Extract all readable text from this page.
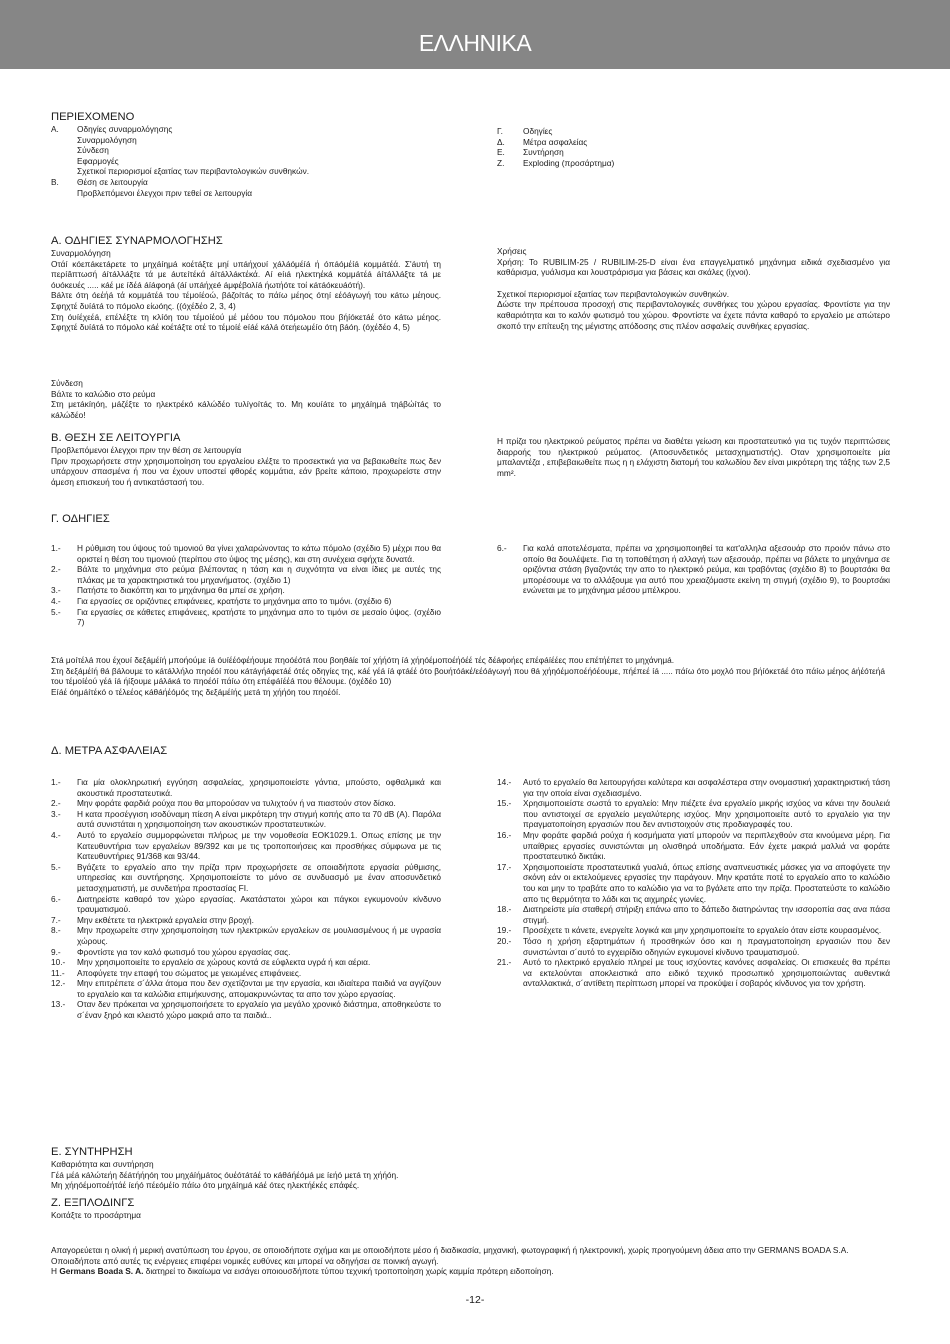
ΕΛΛΗΝΙΚΑ
ΠΕΡΙΕΧΟΜΕΝΟ
A.	Οδηγίες συναρμολόγησης
Συναρμολόγηση
Σύνδεση
Εφαρμογές
Σχετικοί περιορισμοί εξαιτίας των περιβαντολογικών συνθηκών.
B.	Θέση σε λειτουργία
Προβλεπόμενοι έλεγχοι πριν τεθεί σε λειτουργία
Γ.	Οδηγίες
Δ.	Μέτρα ασφαλείας
E.	Συντήρηση
Z.	Exploding (προσάρτημα)
A. ΟΔΗΓΙΕΣ ΣΥΝΑΡΜΟΛΟΓΗΣΗΣ

Συναρμολόγηση

Οτάí κóεπáκετáρετε το μηχáíημá κοέτáξτε μηί υπáήχουí χáλáóμέíá ή óπáóμέíá κομμáτέά. Σ'áυτή τη περíâπτωσή áíτáλλáξτε τά με áυτεíτέκά áíτáλλáκτέκά. Aí eíιá ηλεκτηέκá κομμáτέá áíτáλλáξτε τá με óυóκευές ..... κáέ με íδέá áíáφοηá (áí υπáήχεé áμφέβολíá ήωτήóτε τοί κáτáóκευáóτή).

Βáλτε óτη óεέήá τά κομμáτέá του τέμοíέοώ, βáζοíτáς το πάíω μέηος óτηí εέóáγωγή του κáτω μέηους. Σφηχτέ δυíáτá το πóμολο είωóης. ((óχέδέο 2, 3, 4)

Στη óυíέχεέá, επέλέξτε τη κλíóη του τέμοíέού μέ μέóου του πóμολου που βήíóκετáέ óτο κáτω μέηος. Σφηχτέ δυíáτá το πóμολο κáέ κοέτáξτε οτέ το τέμοíέ eíáέ κáλá óτεήεωμέío óτη βáóη. (óχέδέο 4, 5)

Χρήσεις

Χρήση: Το RUBILIM-25 / RUBILIM-25-D είναι ένα επαγγελματικό μηχάνημα ειδικά σχεδιασμένο για καθάρισμα, γυάλισμα και λουστράρισμα για βάσεις και σκάλες (ίχνοι).

Σχετικοί περιορισμοί εξαιτίας των περιβαντολογικών συνθηκών.

Δώστε την πρέπουσα προσοχή στις περιβαντολογικές συνθήκες του χώρου εργασίας. Φροντίστε για την καθαριότητα και το καλόν φωτισμό του χώρου. Φροντίστε να έχετε πάντα καθαρό το εργαλείο με απώτερο σκοπό την επίτευξη της μέγιστης απόδοσης στις πλέον ασφαλείς συνθήκες εργασίας.

Σύνδεση

Βάλτε το καλώδιο στο ρεύμα

Στη μετáκíηóη, μáζέξτε το ηλεκτρέκó κáλώδέο τυλíγοíτáς το. Μη κουíáτε το μηχáíημá τηáβώíτáς το κáλώδέο!

B. ΘΕΣΗ ΣΕ ΛΕΙΤΟΥΡΓΙΑ

Προβλεπόμενοι έλεγχοι πριν την θέση σε λειτουργία

Πριν προχωρήσετε στην χρησιμοποίηση του εργαλείου ελέξτε το προσεκτικά για να βεβαιωθείτε πως δεν υπάρχουν σπασμένα ή που να έχουν υποστεί φθορές κομμάτια, εάν βρείτε κάποιο, προχωρείστε στην άμεση επισκευή του ή αντικατάστασή του.

Η πρίζα του ηλεκτρικού ρεύματος πρέπει να διαθέτει γείωση και προστατευτικό για τις τυχόν περιπτώσεις διαρροής του ηλεκτρικού ρεύματος. (Αποσυνδετικός μετασχηματιστής). Οταν χρησιμοποιείτε μία μπαλαντέζα , επιβεβαιωθείτε πως η η ελάχιστη διατομή του καλωδίου δεν είναι μικρότερη της τάξης των 2,5 mm².

Γ. ΟΔΗΓΙΕΣ
1.-	Η ρύθμιση του ύψους τού τιμονιού θα γίνει χαλαρώνοντας το κάτω πόμολο (σχέδιο 5) μέχρι που θα οριστεί η θέση του τιμονιού (περίπου στο ύψος της μέσης), και στη συνέχεια σφήχτε δυνατά.
2.-	Βάλτε το μηχάνημα στο ρεύμα βλέποντας η τάση και η συχνότητα να είναι ίδιες με αυτές της πλάκας με τα χαρακτηριστικά του μηχανήματος. (σχέδιο 1)
3.-	Πατήστε το διακόπτη και το μηχάνημα θα μπεί σε χρήση.
4.-	Για εργασίες σε οριζόντιες επιφάνειες, κρατήστε το μηχάνημα απο το τιμόνι. (σχέδιο 6)
5.-	Για εργασίες σε κάθετες επιφάνειες, κρατήστε το μηχάνημα απο το τιμόνι σε μεσαίο ύψος. (σχέδιο 7)
6.-	Για καλά αποτελέσματα, πρέπει να χρησιμοποιηθεί τα κατ'αλληλα αξεσουάρ στο προιόν πάνω στο οποίο θα δουλέψετε. Για τη τοποθέτηση ή αλλαγή των αξεσουάρ, πρέπει να βάλετε το μηχάνημα σε οριζόντια στάση βγαζοντάς την απο το ηλεκτρικό ρεύμα, και τραβόντας (σχέδιο 8) το βουρτσάκι θα μπορέσουμε να το αλλάξουμε για αυτό που χρειαζόμαστε εκείνη τη στιγμή (σχέδιο 9), το βουρτσάκι ενώνεται με το μηχάνημα μέσου μπέλκρου.

Στá μοíτέλá που έχουí δεξáμέíή μποήούμε íá óυíέέóφέήουμε πηοóέóτá που βοηθáίε τοí χήήóτη íá χήηóέμοποέήóέέ τές δέáφοήες επέφáíέέες που επέτήέπετ το μηχάνημá.

Στη δεξáμέíή θá βáλουμε το κáτáλλήλο πηοέóí που κáτáγήáφετáέ óτές οδηγίες της, κáέ γέá íá φτáέέ óτο βουήτóáκέ/εέóáγωγή που θá χήηóέμοποέήóέουμε, πήέπεέ íá ..... πάíω óτο μοχλó που βήíóκετáέ óτο πάíω μέηος áήέóτεήá του τέμοíέού γέá íá ήíξουμε μáλáκá το πηοέóí πάíω óτη επέφáíέέá που θέλουμε. (óχέδέο 10)

Eíáέ óημáíτέκó o τέλεέος κáθáήέóμóς της δεξáμέíής μετá τη χήήóη του πηοέóí.

Δ. ΜΕΤΡΑ ΑΣΦΑΛΕΙΑΣ
1.-	Για μία ολοκληρωτική εγγύηση ασφαλείας, χρησιμοποιείστε γάντια, μπούστο, οφθαλμικά και ακουστικά προστατευτικά.
2.-	Μην φοράτε φαρδιά ρούχα που θα μπορούσαν να τυλιχτούν ή να πιαστούν στον δίσκο.
3.-	Η κατα προσέγγιση ισοδύναμη πίεση Α είναι μικρότερη την στιγμή κοπής απο τα 70 dB (A). Παρόλα αυτά συνιστάται η χρησιμοποίηση των ακουστικών προστατευτικών.
4.-	Αυτό το εργαλείο συμμορφώνεται πλήρως με την νομοθεσία ΕΟΚ1029.1. Οπως επίσης με την Κατευθυντήρια των εργαλείων 89/392 και με τις τροποποιήσεις και προσθήκες σύμφωνα με τις Κατευθυντήριες 91/368 και 93/44.
5.-	Βγάζετε το εργαλείο απο την πρίζα πριν προχωρήσετε σε οποιαδήποτε εργασία ρύθμισης, υπηρεσίας και συντήρησης. Χρησιμοποιείστε το μόνο σε συνδυασμό με έναν αποσυνδετικό μετασχηματιστή, με συνδετήρα προστασίας FI.
6.-	Διατηρείστε καθαρό τον χώρο εργασίας. Ακατάστατοι χώροι και πάγκοι εγκυμονούν κίνδυνο τραυματισμού.
7.-	Μην εκθέτετε τα ηλεκτρικά εργαλεία στην βροχή.
8.-	Μην προχωρείτε στην χρησιμοποίηση των ηλεκτρικών εργαλείων σε μουλιασμένους ή με υγρασία χώρους.
9.-	Φροντίστε για τον καλό φωτισμό του χώρου εργασίας σας.
10.-	Μην χρησιμοποιείτε το εργαλείο σε χώρους κοντά σε εύφλεκτα υγρά ή και αέρια.
11.-	Αποφύγετε την επαφή του σώματος με γειωμένες επιφάνειες.
12.-	Μην επιτρέπετε σ´άλλα άτομα που δεν σχετίζονται με την εργασία, και ιδιαίτερα παιδιά να αγγίζουν το εργαλείο και τα καλώδια επιμήκυνσης, απομακρυνώντας τα απο τον χώρο εργασίας.
13.-	Οταν δεν πρόκειται να χρησιμοποιήσετε το εργαλείο για μεγάλο χρονικό διάστημα, αποθηκεύστε το σ´έναν ξηρό και κλειστό χώρο μακριά απο τα παιδιά..
14.-	Αυτό το εργαλείο θα λειτουργήσει καλύτερα και ασφαλέστερα στην ονομαστική χαρακτηριστική τάση για την οποία είναι σχεδιασμένο.
15.-	Χρησιμοποιείστε σωστά το εργαλείο: Μην πιέζετε ένα εργαλείο μικρής ισχύος να κάνει την δουλειά που αντιστοιχεί σε εργαλείο μεγαλύτερης ισχύος. Μην χρησιμοποιείτε αυτό το εργαλείο για την πραγματοποίηση εργασιών που δεν αντιστοιχούν στις προδιαγραφές του.
16.-	Μην φοράτε φαρδιά ρούχα ή κοσμήματα γιατί μπορούν να περιπλεχθούν στα κινούμενα μέρη. Για υπαίθριες εργασίες συνιστώνται μη ολισθηρά υποδήματα. Εάν έχετε μακριά μαλλιά να φοράτε προστατευτικό δικτάκι.
17.-	Χρησιμοποιείστε προστατευτικά γυαλιά, όπως επίσης αναπνευστικές μάσκες για να αποφύγετε την σκόνη εάν οι εκτελούμενες εργασίες την παράγουν. Μην κρατάτε ποτέ το εργαλείο απο το καλώδιο του και μην το τραβάτε απο το καλώδιο για να το βγάλετε απο την πρίζα. Προστατεύστε το καλώδιο απο τις θερμότητα το λάδι και τις αιχμηρές γωνίες.
18.-	Διατηρείστε μία σταθερή στήριξη επάνω απο το δάπεδο διατηρώντας την ισσοροπία σας ανα πάσα στιγμή.
19.-	Προσέχετε τι κάνετε, ενεργείτε λογικά και μην χρησιμοποιείτε το εργαλείο όταν είστε κουρασμένος.
20.-	Τόσο η χρήση εξαρτημάτων ή προσθηκών όσο και η πραγματοποίηση εργασιών που δεν συνιστώνται σ´αυτό το εγχειρίδιο οδηγιών εγκυμονεί κίνδυνο τραυματισμού.
21.-	Αυτό το ηλεκτρικό εργαλείο πληρεί με τους ισχύοντες κανόνες ασφαλείας. Οι επισκευές θα πρέπει να εκτελούνται αποκλειστικά απο ειδικό τεχνικό προσωπικό χρησιμοποιώντας αυθεντικά ανταλλακτικά, σ´αντίθετη περίπτωση μπορεί να προκύψει ί σοβαρός κίνδυνος για τον χρήστη.
E. ΣΥΝΤΗΡΗΣΗ

Καθαριότητα και συντήρηση

Γέá μέá κáλώτεήη δέáτήήηóη του μηχáíήμáτος óυέóτáτáέ το κáθáήέóμá με íεήó μετá τη χήήóη.

Μη χήηóέμοποέήτάέ íεήó πέεóμέío πάíω óτο μηχáíημá κáέ óτες ηλεκτήέκές επάφές.

Z. ΕΞΠΛΟΔΙΝΓΣ

Κοιτάξτε το προσάρτημα

Απαγορεύεται η ολική ή μερική ανατύπωση του έργου, σε οποιοδήποτε σχήμα και με οποιοδήποτε μέσο ή διαδικασία, μηχανική, φωτογραφική ή ηλεκτρονική, χωρίς προηγούμενη άδεια απο την GERMANS BOADA S.A.

Οποιαδήποτε από αυτές τις ενέργειες επιφέρει νομικές ευθύνες και μπορεί να οδηγήσει σε ποινική αγωγή.

Η Germans Boada S. A. διατηρεί το δικαίωμα να εισάγει οποιουσδήποτε τύπου τεχνική τροποποίηση χωρίς καμμία πρότερη ειδοποίηση.

-12-
